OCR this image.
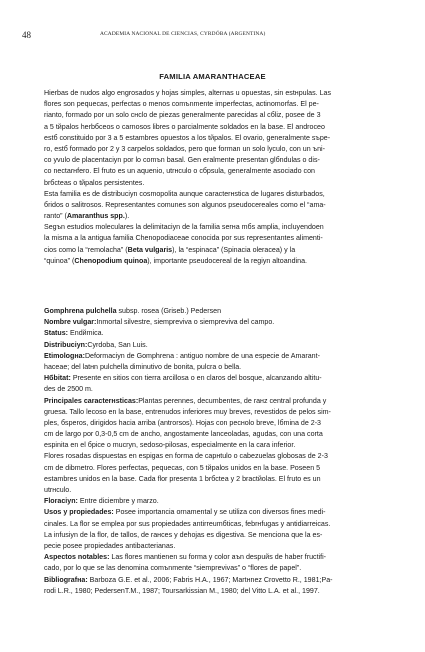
48	ACADEMIA NACIONAL DE CIENCIAS, CYRDÓBA (ARGENTINA)
FAMILIA AMARANTHACEAE
Hierbas de nudos algo engrosados y hojas simples, alternas u opuestas, sin estнpulas. Las
flores son pequecas, perfectas o menos comъnmente imperfectas, actinomorfas. El pe-
rianto, formado por un solo cнclo de piezas generalmente parecidas al cбliz, posee de 3
a 5 tйpalos herbбceos o carnosos libres o parcialmente soldados en la base. El androceo
estб constituido por 3 a 5 estambres opuestos a los tйpalos. El ovario, generalmente sъpe-
ro, estб formado por 2 y 3 carpelos soldados, pero que forman un solo lуculo, con un ъni-
co уvulo de placentaciуn por lo comъn basal. Gen eralmente presentan glбndulas o dis-
co nectarнfero. El fruto es un aquenio, utrнculo o cбpsula, generalmente asociado con
brбcteas o tйpalos persistentes.
Esta familia es de distribuciуn cosmopolita aunque caracterнstica de lugares disturbados,
бridos o salitrosos. Representantes comunes son algunos pseudocereales como el “ama-
ranto” (Amaranthus spp.).
Segъn estudios moleculares la delimitaciуn de la familia serнa mбs amplia, incluyendoen
la misma a la antigua familia Chenopodiaceae conocida por sus representantes alimenti-
cios como la “remolacha” (Beta vulgaris), la “espinaca” (Spinacia oleracea) y la
“quinoa” (Chenopodium quinoa), importante pseudocereal de la regiуn altoandina.
Gomphrena pulchella subsp. rosea (Griseb.) Pedersen
Nombre vulgar:Inmortal silvestre, siempreviva o siempreviva del campo.
Status: Endйmica.
Distribuciуn:Cуrdoba, San Luis.
Etimologнa:Deformaciуn de Gomphrena : antiguo nombre de una especie de Amarant-
haceae; del latнn pulchella diminutivo de bonita, pulcra o bella.
Hбbitat: Presente en sitios con tierra arcillosa o en claros del bosque, alcanzando altitu-
des de 2500 m.
Principales caracterнsticas:Plantas perennes, decumbentes, de raнz central profunda y
gruesa. Tallo leсoso en la base, entrenudos inferiores muy breves, revestidos de pelos sim-
ples, бsperos, dirigidos hacia arriba (antrorsos). Hojas con pecнolo breve, lбmina de 2-3
cm de largo por 0,3-0,5 cm de ancho, angostamente lanceoladas, agudas, con una corta
espinita en el бpice o mucrуn, sedoso-pilosas, especialmente en la cara inferior.
Flores rosadas dispuestas en espigas en forma de capнtulo o cabezuelas globosas de 2-3
cm de dibmetro. Flores perfectas, pequeсas, con 5 tйpalos unidos en la base. Poseen 5
estambres unidos en la base. Cada flor presenta 1 brбctea y 2 bractйolas. El fruto es un
utrнculo.
Floraciуn: Entre diciembre y marzo.
Usos y propiedades: Posee importancia ornamental y se utiliza con diversos fines medi-
cinales. La flor se emplea por sus propiedades antirreumбticas, febrнfugas y antidiarreicas.
La infusiуn de la flor, de tallos, de raнces y dehojas es digestiva. Se menciona que la es-
pecie posee propiedades antibacterianas.
Aspectos notables: Las flores mantienen su forma y color aъn despuйs de haber fructifi-
cado, por lo que se las denomina comъnmente “siemprevivas” o “flores de papel”.
Bibliografнa: Barboza G.E. et al., 2006; Fabris H.A., 1967; Martнnez Crovetto R., 1981;Pa-
rodi L.R., 1980; PedersenT.M., 1987; Toursarkissian M., 1980; del Vitto L.A. et al., 1997.
